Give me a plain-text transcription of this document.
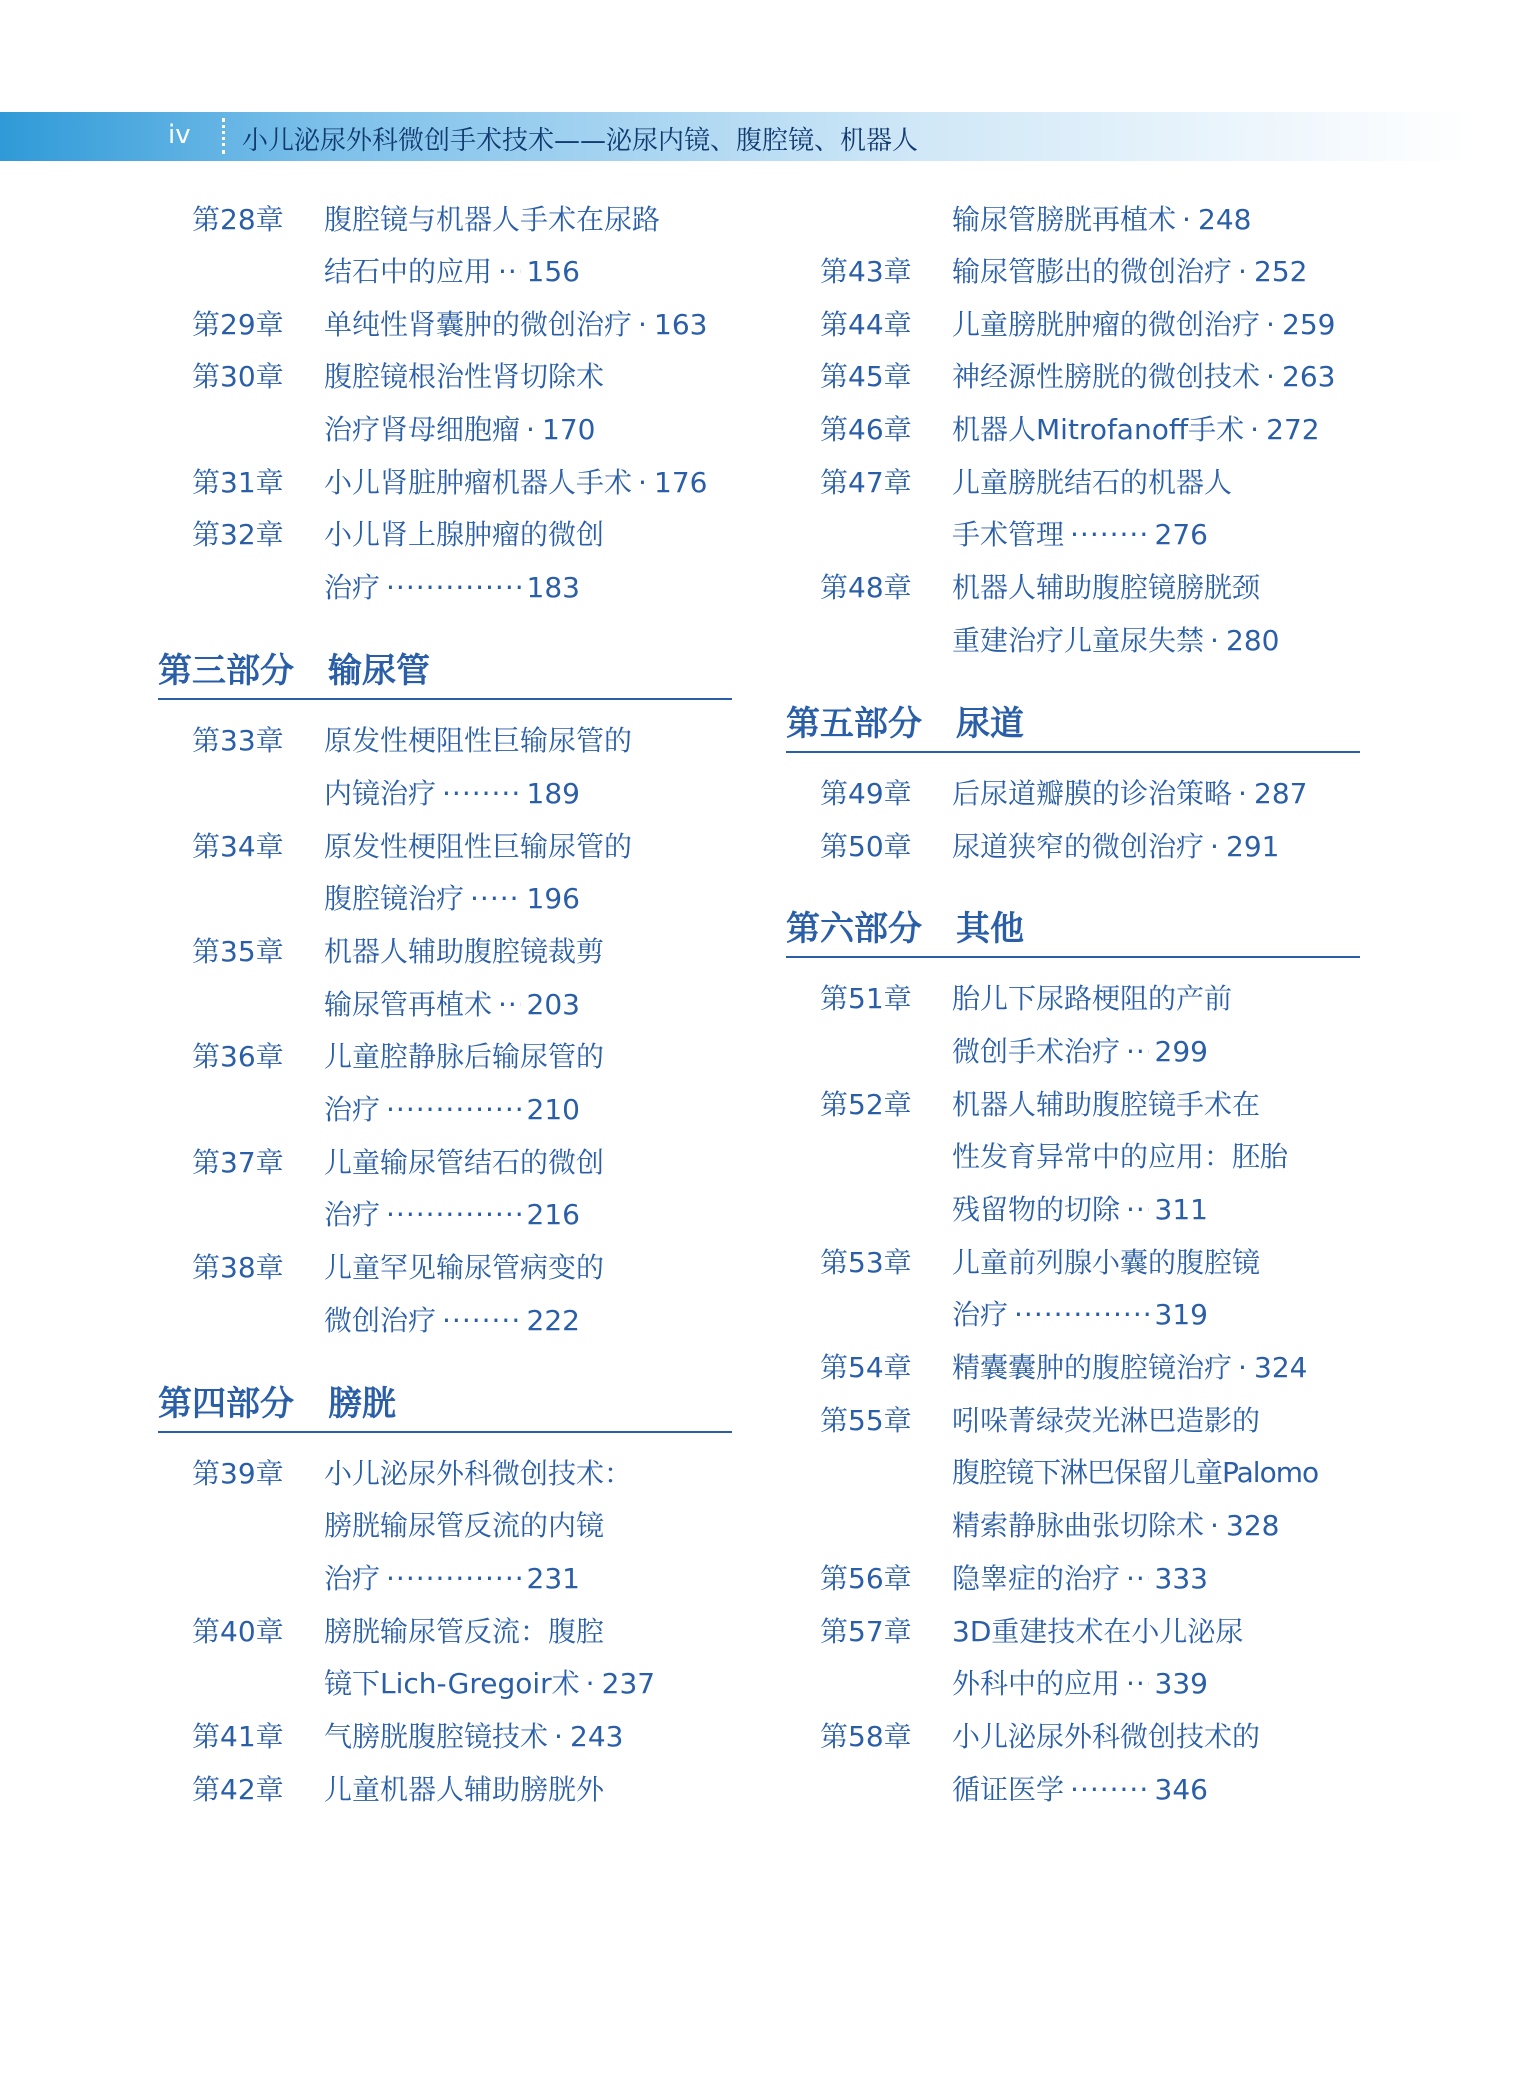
iv 小儿泌尿外科微创手术技术——泌尿内镜、腹腔镜、机器人
第28章 腹腔镜与机器人手术在尿路
结石中的应用 ····· 156
第29章 单纯性肾囊肿的微创治疗 ····· 163
第30章 腹腔镜根治性肾切除术
治疗肾母细胞瘤 ····· 170
第31章 小儿肾脏肿瘤机器人手术 ····· 176
第32章 小儿肾上腺肿瘤的微创
治疗 ·····	183
第三部分　输尿管
第33章 原发性梗阻性巨输尿管的
内镜治疗 ·····	189
第34章 原发性梗阻性巨输尿管的
腹腔镜治疗 ····· 196
第35章 机器人辅助腹腔镜裁剪
输尿管再植术 ····· 203
第36章 儿童腔静脉后输尿管的
治疗 ·····	210
第37章 儿童输尿管结石的微创
治疗 ·····	216
第38章 儿童罕见输尿管病变的
微创治疗 ·····	222
第四部分　膀胱
第39章 小儿泌尿外科微创技术：
膀胱输尿管反流的内镜
治疗 ·····	231
第40章 膀胱输尿管反流：腹腔
镜下Lich-Gregoir术 ····· 237
第41章 气膀胱腹腔镜技术 ····· 243
第42章 儿童机器人辅助膀胱外
输尿管膀胱再植术 ····· 248
第43章 输尿管膨出的微创治疗 ····· 252
第44章 儿童膀胱肿瘤的微创治疗 ····· 259
第45章 神经源性膀胱的微创技术 ····· 263
第46章 机器人Mitrofanoff手术 ····· 272
第47章 儿童膀胱结石的机器人
手术管理 ·····	276
第48章 机器人辅助腹腔镜膀胱颈
重建治疗儿童尿失禁 ····· 280
第五部分　尿道
第49章 后尿道瓣膜的诊治策略 ····· 287
第50章 尿道狭窄的微创治疗 ····· 291
第六部分　其他
第51章 胎儿下尿路梗阻的产前
微创手术治疗 ····· 299
第52章 机器人辅助腹腔镜手术在
性发育异常中的应用：胚胎
残留物的切除 ····· 311
第53章 儿童前列腺小囊的腹腔镜
治疗 ·····	319
第54章 精囊囊肿的腹腔镜治疗 ····· 324
第55章 吲哚菁绿荧光淋巴造影的
腹腔镜下淋巴保留儿童Palomo
精索静脉曲张切除术 ····· 328
第56章 隐睾症的治疗 ····· 333
第57章 3D重建技术在小儿泌尿
外科中的应用 ····· 339
第58章 小儿泌尿外科微创技术的
循证医学 ·····	346
